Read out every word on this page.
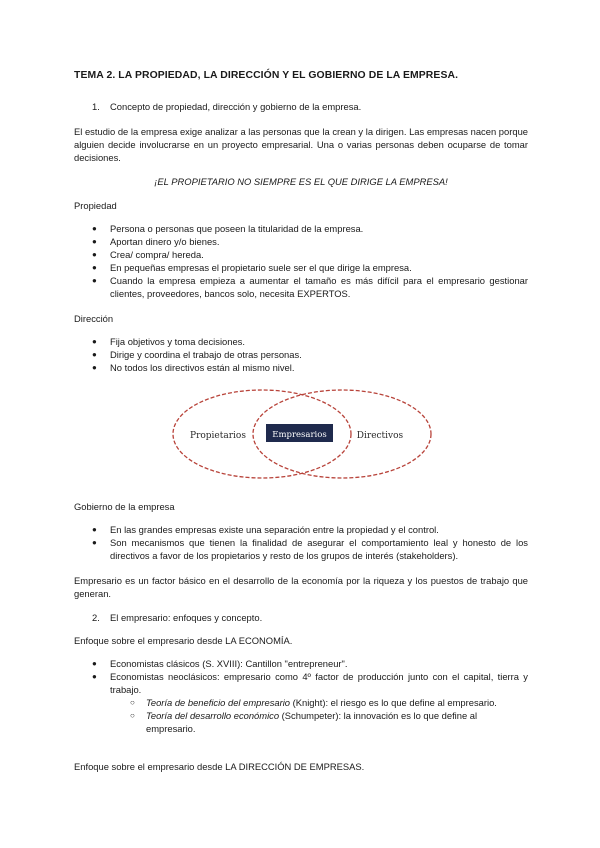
TEMA 2. LA PROPIEDAD, LA DIRECCIÓN Y EL GOBIERNO DE LA EMPRESA.
1. Concepto de propiedad, dirección y gobierno de la empresa.
El estudio de la empresa exige analizar a las personas que la crean y la dirigen. Las empresas nacen porque alguien decide involucrarse en un proyecto empresarial. Una o varias personas deben ocuparse de tomar decisiones.
¡EL PROPIETARIO NO SIEMPRE ES EL QUE DIRIGE LA EMPRESA!
Propiedad
● Persona o personas que poseen la titularidad de la empresa.
● Aportan dinero y/o bienes.
● Crea/ compra/ hereda.
● En pequeñas empresas el propietario suele ser el que dirige la empresa.
● Cuando la empresa empieza a aumentar el tamaño es más difícil para el empresario gestionar clientes, proveedores, bancos solo, necesita EXPERTOS.
Dirección
● Fija objetivos y toma decisiones.
● Dirige y coordina el trabajo de otras personas.
● No todos los directivos están al mismo nivel.
Propietarios	Empresarios	Directivos
Gobierno de la empresa
● En las grandes empresas existe una separación entre la propiedad y el control.
● Son mecanismos que tienen la finalidad de asegurar el comportamiento leal y honesto de los directivos a favor de los propietarios y resto de los grupos de interés (stakeholders).
Empresario es un factor básico en el desarrollo de la economía por la riqueza y los puestos de trabajo que generan.
2. El empresario: enfoques y concepto.
Enfoque sobre el empresario desde LA ECONOMÍA.
● Economistas clásicos (S. XVIII): Cantillon "entrepreneur".
● Economistas neoclásicos: empresario como 4º factor de producción junto con el capital, tierra y trabajo.
○ Teoría de beneficio del empresario (Knight): el riesgo es lo que define al empresario.
○ Teoría del desarrollo económico (Schumpeter): la innovación es lo que define al empresario.
Enfoque sobre el empresario desde LA DIRECCIÓN DE EMPRESAS.
